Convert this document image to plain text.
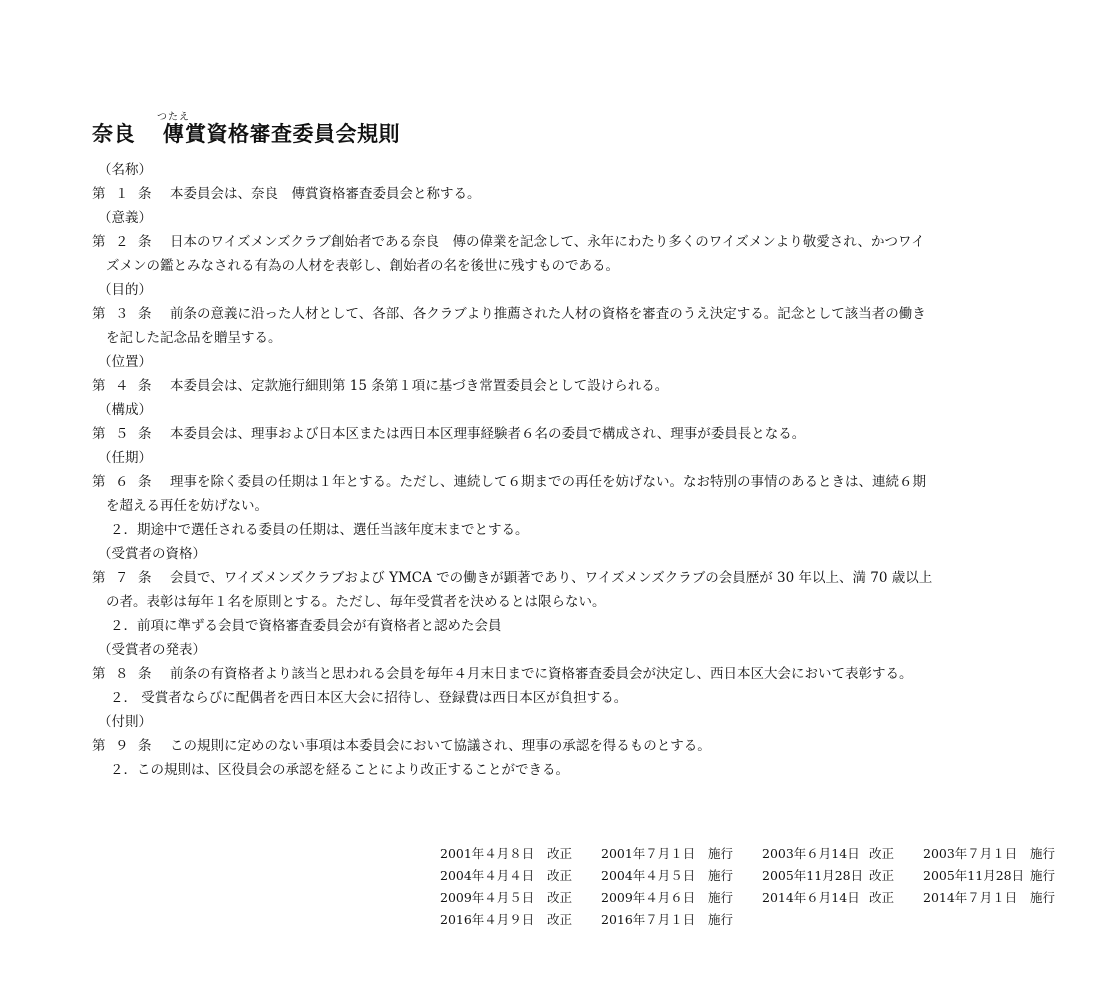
奈良 傳つたえ賞資格審査委員会規則
（名称）
第 １ 条	本委員会は、奈良　傳賞資格審査委員会と称する。
（意義）
第 ２ 条	日本のワイズメンズクラブ創始者である奈良　傳の偉業を記念して、永年にわたり多くのワイズメンより敬愛され、かつワイ
ズメンの鑑とみなされる有為の人材を表彰し、創始者の名を後世に残すものである。
（目的）
第 ３ 条	前条の意義に沿った人材として、各部、各クラブより推薦された人材の資格を審査のうえ決定する。記念として該当者の働き
を記した記念品を贈呈する。
（位置）
第 ４ 条	本委員会は、定款施行細則第 15 条第１項に基づき常置委員会として設けられる。
（構成）
第 ５ 条	本委員会は、理事および日本区または西日本区理事経験者６名の委員で構成され、理事が委員長となる。
（任期）
第 ６ 条	理事を除く委員の任期は１年とする。ただし、連続して６期までの再任を妨げない。なお特別の事情のあるときは、連続６期
を超える再任を妨げない。
２．期途中で選任される委員の任期は、選任当該年度末までとする。
（受賞者の資格）
第 ７ 条	会員で、ワイズメンズクラブおよび YMCA での働きが顕著であり、ワイズメンズクラブの会員歴が 30 年以上、満 70 歳以上
の者。表彰は毎年１名を原則とする。ただし、毎年受賞者を決めるとは限らない。
２．前項に準ずる会員で資格審査委員会が有資格者と認めた会員
（受賞者の発表）
第 ８ 条	前条の有資格者より該当と思われる会員を毎年４月末日までに資格審査委員会が決定し、西日本区大会において表彰する。
２． 受賞者ならびに配偶者を西日本区大会に招待し、登録費は西日本区が負担する。
（付則）
第 ９ 条	この規則に定めのない事項は本委員会において協議され、理事の承認を得るものとする。
２．この規則は、区役員会の承認を経ることにより改正することができる。
2001年４月８日	改正 2001年７月１日	施行 2003年６月14日 改正 2003年７月１日	施行
2004年４月４日	改正 2004年４月５日	施行 2005年11月28日 改正 2005年11月28日 施行
2009年４月５日	改正 2009年４月６日	施行 2014年６月14日 改正 2014年７月１日	施行
2016年４月９日	改正 2016年７月１日	施行
